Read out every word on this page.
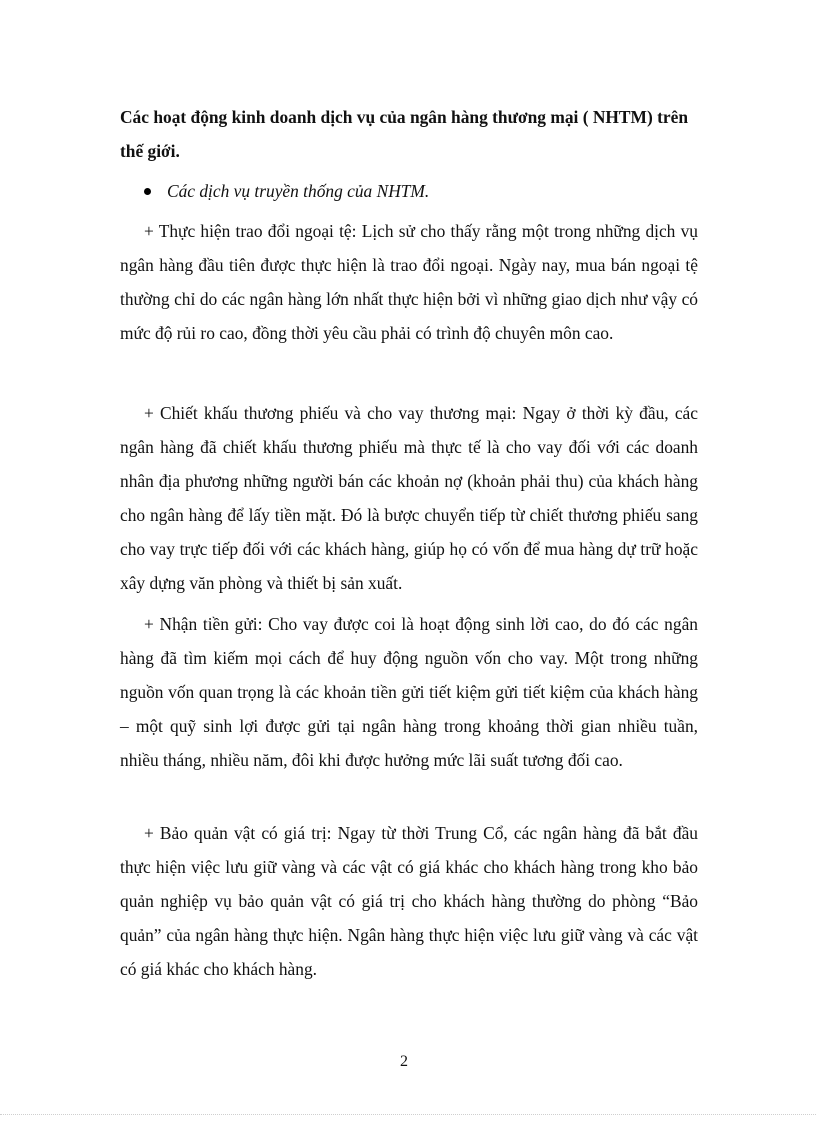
Các hoạt động kinh doanh dịch vụ của ngân hàng thương mại ( NHTM) trên thế giới.
Các dịch vụ truyền thống của NHTM.
+ Thực hiện trao đổi ngoại tệ: Lịch sử cho thấy rằng một trong những dịch vụ ngân hàng đầu tiên được thực hiện là trao đổi ngoại. Ngày nay, mua bán ngoại tệ thường chỉ do các ngân hàng lớn nhất thực hiện bởi vì những giao dịch như vậy có mức độ rủi ro cao, đồng thời yêu cầu phải có trình độ chuyên môn cao.
+ Chiết khấu thương phiếu và cho vay thương mại: Ngay ở thời kỳ đầu, các ngân hàng đã chiết khấu thương phiếu mà thực tế là cho vay đối với các doanh nhân địa phương những người bán các khoản nợ (khoản phải thu) của khách hàng cho ngân hàng để lấy tiền mặt. Đó là bược chuyển tiếp từ chiết thương phiếu sang cho vay trực tiếp đối với các khách hàng, giúp họ có vốn để mua hàng dự trữ hoặc xây dựng văn phòng và thiết bị sản xuất.
+ Nhận tiền gửi: Cho vay được coi là hoạt động sinh lời cao, do đó các ngân hàng đã tìm kiếm mọi cách để huy động nguồn vốn cho vay. Một trong những nguồn vốn quan trọng là các khoản tiền gửi tiết kiệm gửi tiết kiệm của khách hàng – một quỹ sinh lợi được gửi tại ngân hàng trong khoảng thời gian nhiều tuần, nhiều tháng, nhiều năm, đôi khi được hưởng mức lãi suất tương đối cao.
+ Bảo quản vật có giá trị: Ngay từ thời Trung Cổ, các ngân hàng đã bắt đầu thực hiện việc lưu giữ vàng và các vật có giá khác cho khách hàng trong kho bảo quản nghiệp vụ bảo quản vật có giá trị cho khách hàng thường do phòng “Bảo quản” của ngân hàng thực hiện. Ngân hàng thực hiện việc lưu giữ vàng và các vật có giá khác cho khách hàng.
2
